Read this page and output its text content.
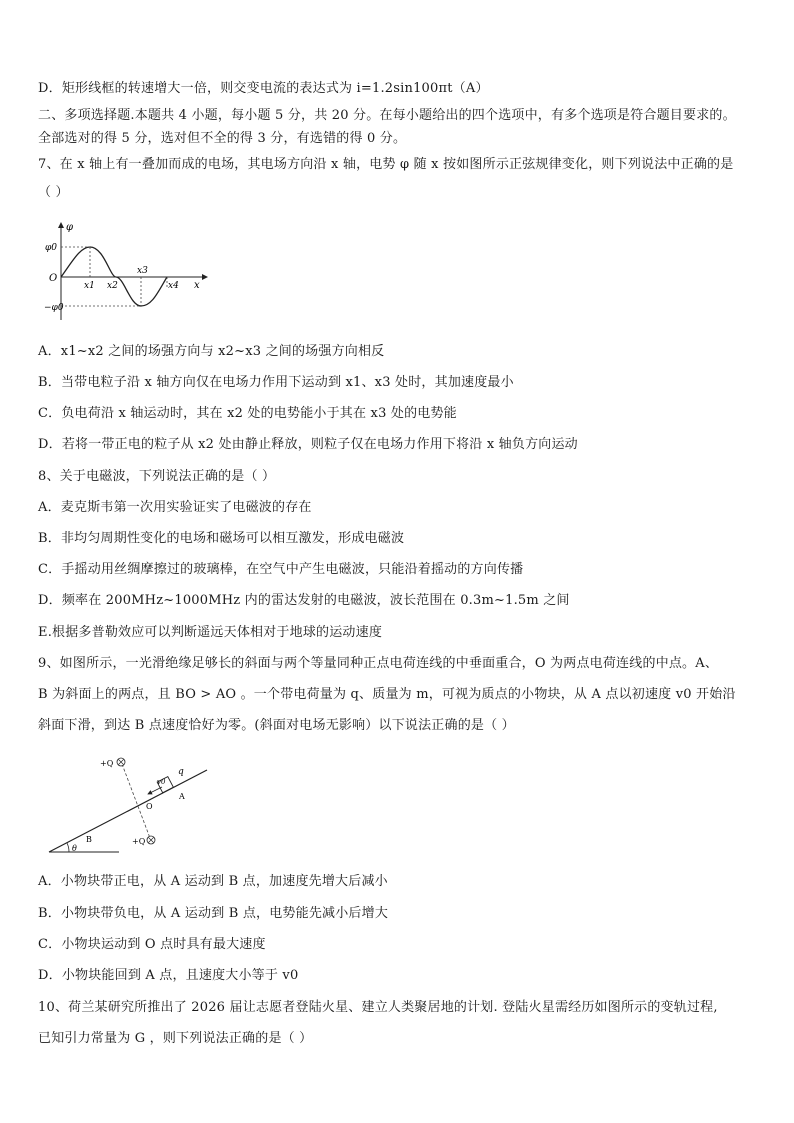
D．矩形线框的转速增大一倍，则交变电流的表达式为 i=1.2sin100πt（A）
二、多项选择题.本题共 4 小题，每小题 5 分，共 20 分。在每小题给出的四个选项中，有多个选项是符合题目要求的。
全部选对的得 5 分，选对但不全的得 3 分，有选错的得 0 分。
7、在 x 轴上有一叠加而成的电场，其电场方向沿 x 轴，电势 φ 随 x 按如图所示正弦规律变化，则下列说法中正确的是
（ ）
φ
φ0
−φ0
O
x
x1 x2
x3
x4
A．x1~x2 之间的场强方向与 x2~x3 之间的场强方向相反
B．当带电粒子沿 x 轴方向仅在电场力作用下运动到 x1、x3 处时，其加速度最小
C．负电荷沿 x 轴运动时，其在 x2 处的电势能小于其在 x3 处的电势能
D．若将一带正电的粒子从 x2 处由静止释放，则粒子仅在电场力作用下将沿 x 轴负方向运动
8、关于电磁波，下列说法正确的是（ ）
A．麦克斯韦第一次用实验证实了电磁波的存在
B．非均匀周期性变化的电场和磁场可以相互激发，形成电磁波
C．手摇动用丝绸摩擦过的玻璃棒，在空气中产生电磁波，只能沿着摇动的方向传播
D．频率在 200MHz~1000MHz 内的雷达发射的电磁波，波长范围在 0.3m~1.5m 之间
E.根据多普勒效应可以判断遥远天体相对于地球的运动速度
9、如图所示，一光滑绝缘足够长的斜面与两个等量同种正点电荷连线的中垂面重合，O 为两点电荷连线的中点。A、
B 为斜面上的两点，且 BO > AO 。一个带电荷量为 q、质量为 m，可视为质点的小物块，从 A 点以初速度 v0 开始沿
斜面下滑，到达 B 点速度恰好为零。(斜面对电场无影响）以下说法正确的是（ ）
+Q
+Q
q
v0
A
O
B
θ
A．小物块带正电，从 A 运动到 B 点，加速度先增大后减小
B．小物块带负电，从 A 运动到 B 点，电势能先减小后增大
C．小物块运动到 O 点时具有最大速度
D．小物块能回到 A 点，且速度大小等于 v0
10、荷兰某研究所推出了 2026 届让志愿者登陆火星、建立人类聚居地的计划. 登陆火星需经历如图所示的变轨过程,
已知引力常量为 G ，则下列说法正确的是（ ）
